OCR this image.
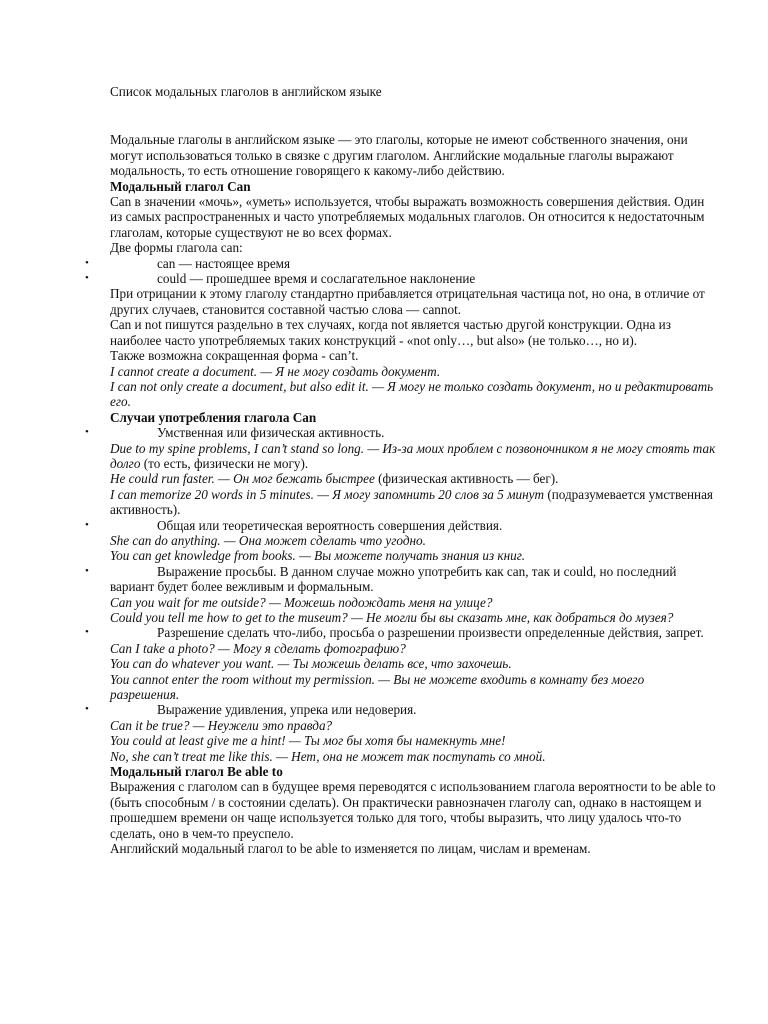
Список модальных глаголов в английском языке

Модальные глаголы в английском языке — это глаголы, которые не имеют собственного значения, они могут использоваться только в связке с другим глаголом. Английские модальные глаголы выражают модальность, то есть отношение говорящего к какому-либо действию.

Модальный глагол Can

Can в значении «мочь», «уметь» используется, чтобы выражать возможность совершения действия. Один из самых распространенных и часто употребляемых модальных глаголов. Он относится к недостаточным глаголам, которые существуют не во всех формах.

Две формы глагола can:

•	can — настоящее время
•	could — прошедшее время и сослагательное наклонение

При отрицании к этому глаголу стандартно прибавляется отрицательная частица not, но она, в отличие от других случаев, становится составной частью слова — cannot.

Can и not пишутся раздельно в тех случаях, когда not является частью другой конструкции. Одна из наиболее часто употребляемых таких конструкций - «not only…, but also» (не только…, но и).

Также возможна сокращенная форма - can’t.

I cannot create a document. — Я не могу создать документ.

I can not only create a document, but also edit it. — Я могу не только создать документ, но и редактировать его.

Случаи употребления глагола Can

•	Умственная или физическая активность.

Due to my spine problems, I can’t stand so long. — Из-за моих проблем с позвоночником я не могу стоять так долго (то есть, физически не могу).

He could run faster. — Он мог бежать быстрее (физическая активность — бег).

I can memorize 20 words in 5 minutes. — Я могу запомнить 20 слов за 5 минут (подразумевается умственная активность).

•	Общая или теоретическая вероятность совершения действия.

She can do anything. — Она может сделать что угодно.

You can get knowledge from books. — Вы можете получать знания из книг.

•	Выражение просьбы. В данном случае можно употребить как can, так и could, но последний вариант будет более вежливым и формальным.

Can you wait for me outside? — Можешь подождать меня на улице?

Could you tell me how to get to the museum? — Не могли бы вы сказать мне, как добраться до музея?

•	Разрешение сделать что-либо, просьба о разрешении произвести определенные действия, запрет.

Can I take a photo? — Могу я сделать фотографию?

You can do whatever you want. — Ты можешь делать все, что захочешь.

You cannot enter the room without my permission. — Вы не можете входить в комнату без моего разрешения.

•	Выражение удивления, упрека или недоверия.

Can it be true? — Неужели это правда?

You could at least give me a hint! — Ты мог бы хотя бы намекнуть мне!

No, she can’t treat me like this. — Нет, она не может так поступать со мной.

Модальный глагол Be able to

Выражения с глаголом can в будущее время переводятся с использованием глагола вероятности to be able to (быть способным / в состоянии сделать). Он практически равнозначен глаголу can, однако в настоящем и прошедшем времени он чаще используется только для того, чтобы выразить, что лицу удалось что-то сделать, оно в чем-то преуспело.

Английский модальный глагол to be able to изменяется по лицам, числам и временам.
